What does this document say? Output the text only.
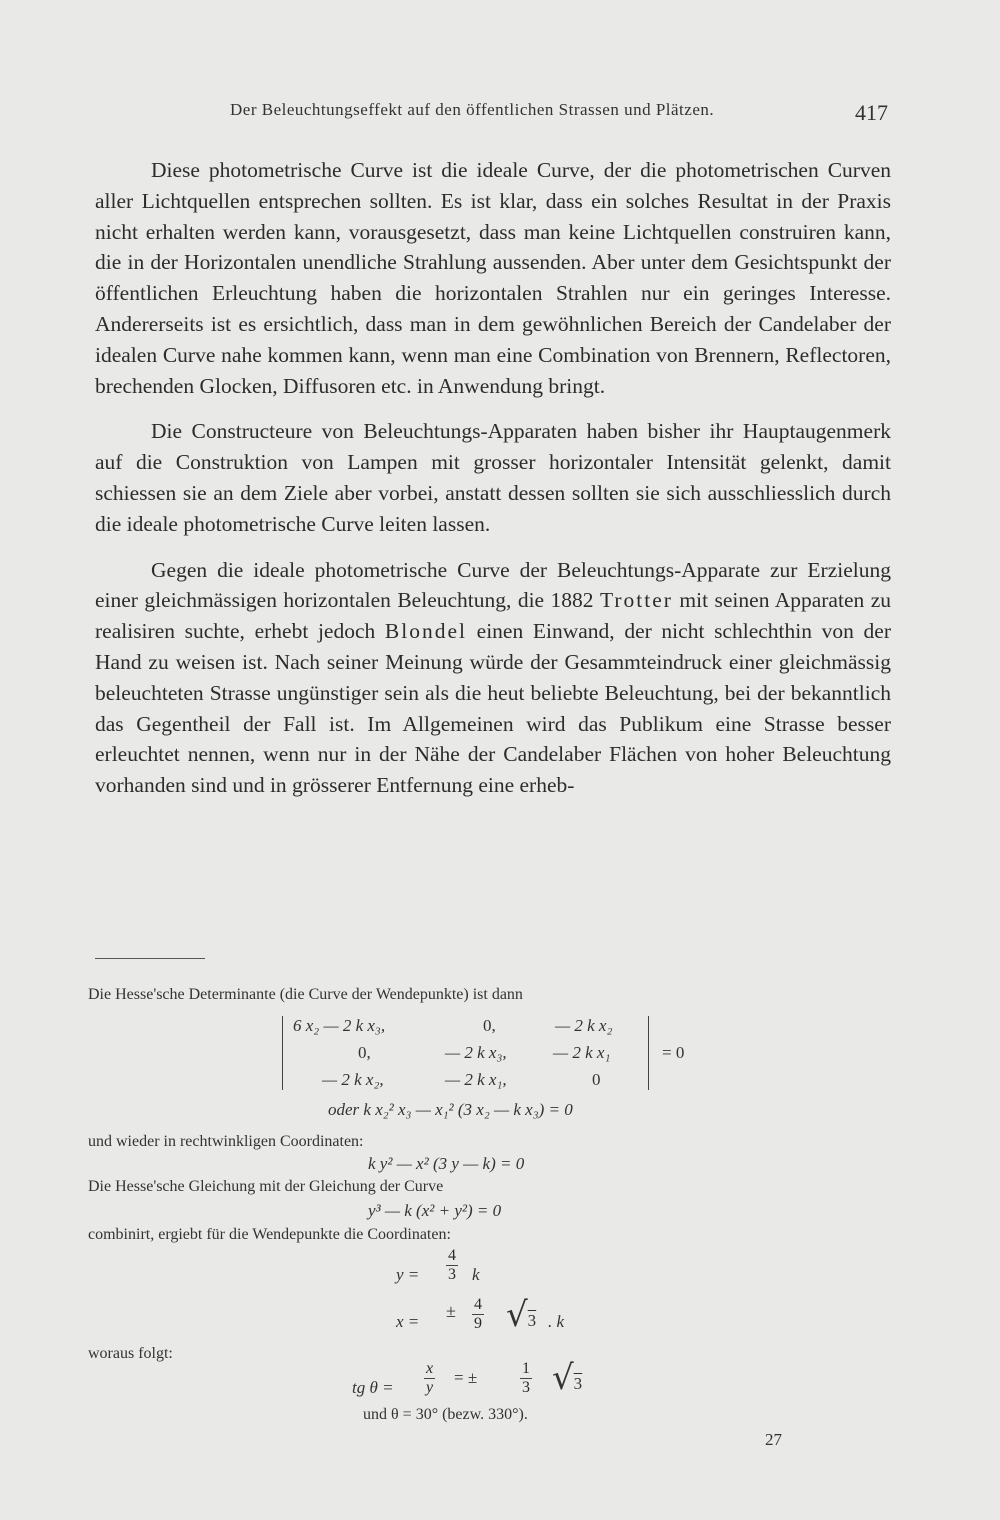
Der Beleuchtungseffekt auf den öffentlichen Strassen und Plätzen.	417

Diese photometrische Curve ist die ideale Curve, der die photometrischen Curven aller Lichtquellen entsprechen sollten. Es ist klar, dass ein solches Resultat in der Praxis nicht erhalten werden kann, vorausgesetzt, dass man keine Lichtquellen construiren kann, die in der Horizontalen unendliche Strahlung aussenden. Aber unter dem Gesichtspunkt der öffentlichen Erleuchtung haben die horizontalen Strahlen nur ein geringes Interesse. Andererseits ist es ersichtlich, dass man in dem gewöhnlichen Bereich der Candelaber der idealen Curve nahe kommen kann, wenn man eine Combination von Brennern, Reflectoren, brechenden Glocken, Diffusoren etc. in Anwendung bringt.

Die Constructeure von Beleuchtungs-Apparaten haben bisher ihr Hauptaugenmerk auf die Construktion von Lampen mit grosser horizontaler Intensität gelenkt, damit schiessen sie an dem Ziele aber vorbei, anstatt dessen sollten sie sich ausschliesslich durch die ideale photometrische Curve leiten lassen.

Gegen die ideale photometrische Curve der Beleuchtungs-Apparate zur Erzielung einer gleichmässigen horizontalen Beleuchtung, die 1882 Trotter mit seinen Apparaten zu realisiren suchte, erhebt jedoch Blondel einen Einwand, der nicht schlechthin von der Hand zu weisen ist. Nach seiner Meinung würde der Gesammteindruck einer gleichmässig beleuchteten Strasse ungünstiger sein als die heut beliebte Beleuchtung, bei der bekanntlich das Gegentheil der Fall ist. Im Allgemeinen wird das Publikum eine Strasse besser erleuchtet nennen, wenn nur in der Nähe der Candelaber Flächen von hoher Beleuchtung vorhanden sind und in grösserer Entfernung eine erheb-

Die Hesse'sche Determinante (die Curve der Wendepunkte) ist dann
6 x₂ — 2 k x₃,	0,	— 2 k x₂
0,	— 2 k x₃,	— 2 k x₁	= 0
— 2 k x₂,	— 2 k x₁,	0
oder k x₂² x₃ — x₁² (3 x₂ — k x₃) = 0
und wieder in rechtwinkligen Coordinaten:
k y² — x² (3 y — k) = 0
Die Hesse'sche Gleichung mit der Gleichung der Curve
y³ — k (x² + y²) = 0
combinirt, ergiebt für die Wendepunkte die Coordinaten:
$y = \frac{4}{3}$ k
x =
± $\frac{4}{9} √3$ . k
woraus folgt:
tg $\theta = \frac{x}{y}$ = ±	$\frac{1}{3} √3$
und θ = 30° (bezw. 330°).
27
